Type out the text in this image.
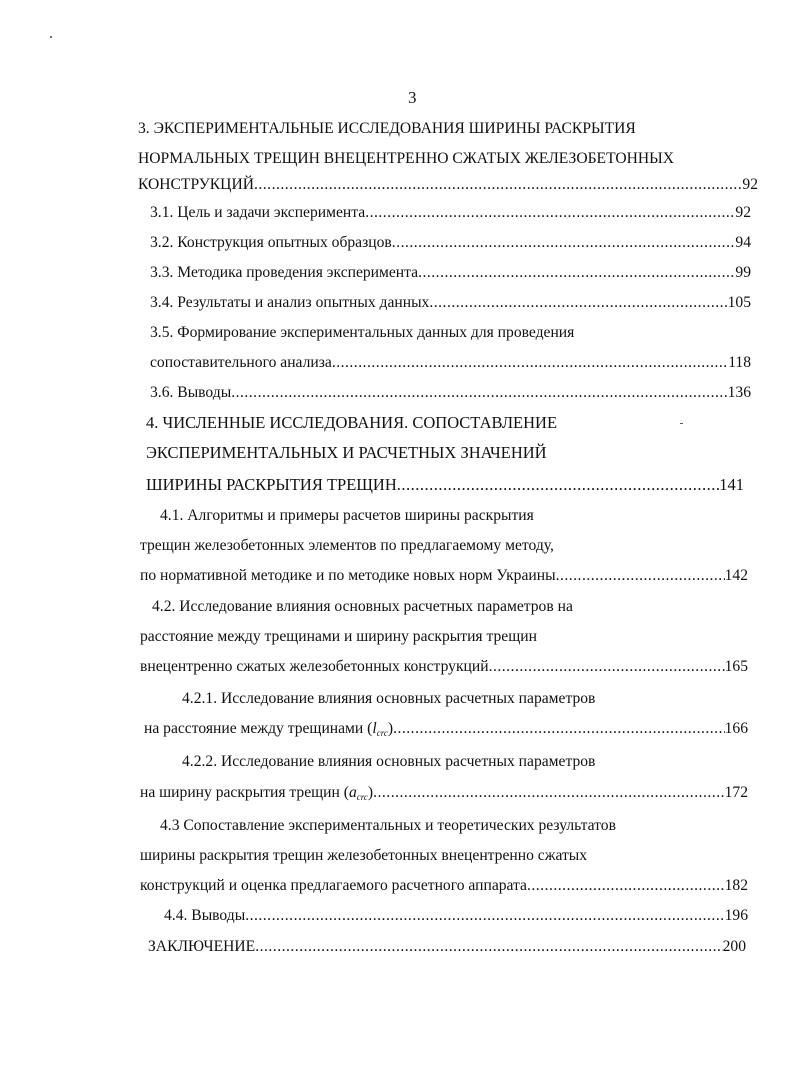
3
3. ЭКСПЕРИМЕНТАЛЬНЫЕ ИССЛЕДОВАНИЯ ШИРИНЫ РАСКРЫТИЯ
НОРМАЛЬНЫХ ТРЕЩИН ВНЕЦЕНТРЕННО СЖАТЫХ ЖЕЛЕЗОБЕТОННЫХ
КОНСТРУКЦИЙ .....	92
3.1. Цель и задачи эксперимента .....	92
3.2. Конструкция опытных образцов .....	94
3.3. Методика проведения эксперимента .....	99
3.4. Результаты и анализ опытных данных .....	105
3.5. Формирование экспериментальных данных для проведения
сопоставительного анализа .....	118
3.6. Выводы .....	136
4. ЧИСЛЕННЫЕ ИССЛЕДОВАНИЯ. СОПОСТАВЛЕНИЕ
ЭКСПЕРИМЕНТАЛЬНЫХ И РАСЧЕТНЫХ ЗНАЧЕНИЙ
ШИРИНЫ РАСКРЫТИЯ ТРЕЩИН .....	141
4.1. Алгоритмы и примеры расчетов ширины раскрытия
трещин железобетонных элементов по предлагаемому методу,
по нормативной методике и по методике новых норм Украины .....	142
4.2. Исследование влияния основных расчетных параметров на
расстояние между трещинами и ширину раскрытия трещин
внецентренно сжатых железобетонных конструкций .....	165
4.2.1. Исследование влияния основных расчетных параметров
на расстояние между трещинами (lcrc) .....	166
4.2.2. Исследование влияния основных расчетных параметров
на ширину раскрытия трещин (acrc) .....	172
4.3 Сопоставление экспериментальных и теоретических результатов
ширины раскрытия трещин железобетонных внецентренно сжатых
конструкций и оценка предлагаемого расчетного аппарата .....	182
4.4. Выводы .....	196
ЗАКЛЮЧЕНИЕ .....	200
